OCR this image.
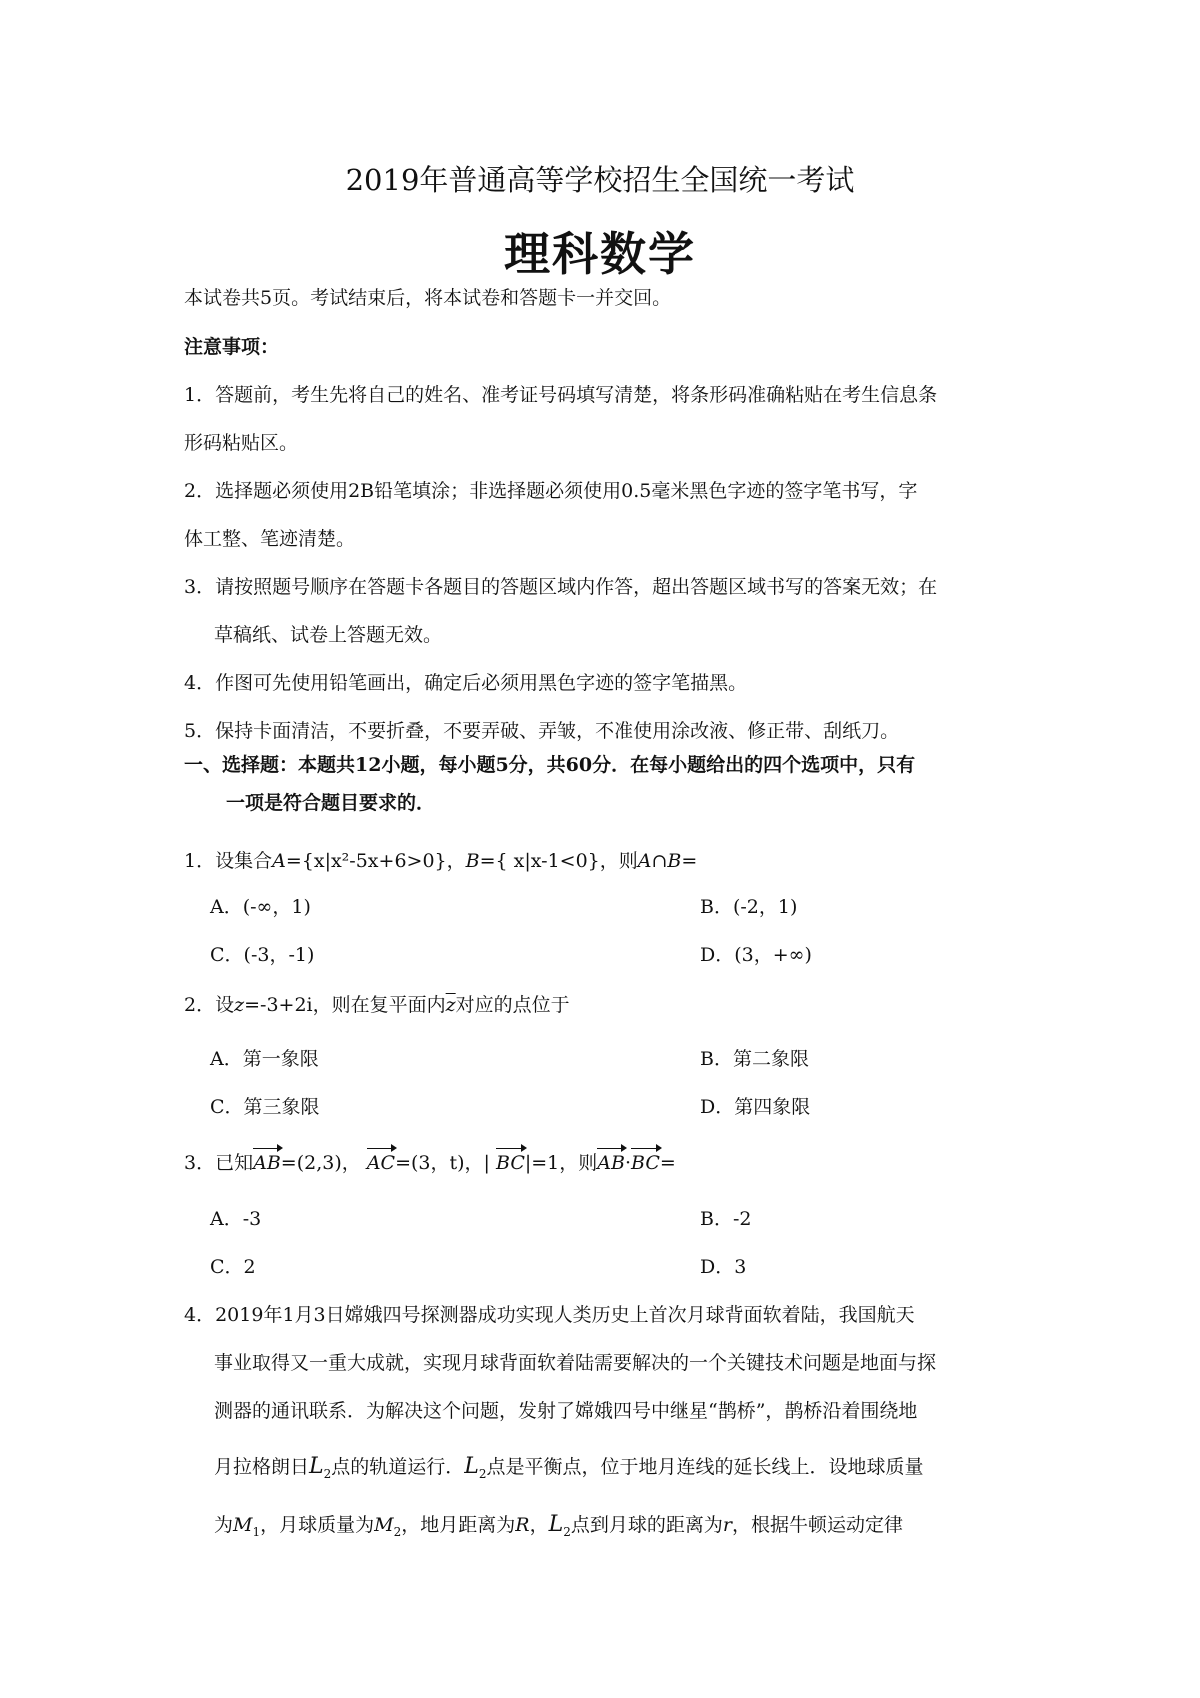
2019年普通高等学校招生全国统一考试
理科数学
本试卷共5页。考试结束后，将本试卷和答题卡一并交回。
注意事项：
1．答题前，考生先将自己的姓名、准考证号码填写清楚，将条形码准确粘贴在考生信息条
形码粘贴区。
2．选择题必须使用2B铅笔填涂；非选择题必须使用0.5毫米黑色字迹的签字笔书写，字
体工整、笔迹清楚。
3．请按照题号顺序在答题卡各题目的答题区域内作答，超出答题区域书写的答案无效；在
草稿纸、试卷上答题无效。
4．作图可先使用铅笔画出，确定后必须用黑色字迹的签字笔描黑。
5．保持卡面清洁，不要折叠，不要弄破、弄皱，不准使用涂改液、修正带、刮纸刀。
一、选择题：本题共12小题，每小题5分，共60分．在每小题给出的四个选项中，只有
一项是符合题目要求的．
1．设集合A={x|x²-5x+6>0}，B={ x|x-1<0}，则A∩B=
A．(-∞，1)	B．(-2，1)
C．(-3，-1)	D．(3，+∞)
2．设z=-3+2i，则在复平面内$\overline{z}$对应的点位于
A．第一象限	B．第二象限
C．第三象限	D．第四象限
3．已知AB=(2,3)， AC=(3，t)，| BC|=1，则AB·BC=
A．-3	B．-2
C．2	D．3
4．2019年1月3日嫦娥四号探测器成功实现人类历史上首次月球背面软着陆，我国航天
事业取得又一重大成就，实现月球背面软着陆需要解决的一个关键技术问题是地面与探
测器的通讯联系．为解决这个问题，发射了嫦娥四号中继星“鹊桥”，鹊桥沿着围绕地
月拉格朗日$L_2$点的轨道运行．$L_2$点是平衡点，位于地月连线的延长线上．设地球质量
为$M_1$，月球质量为$M_2$，地月距离为R，$L_2$点到月球的距离为r，根据牛顿运动定律
